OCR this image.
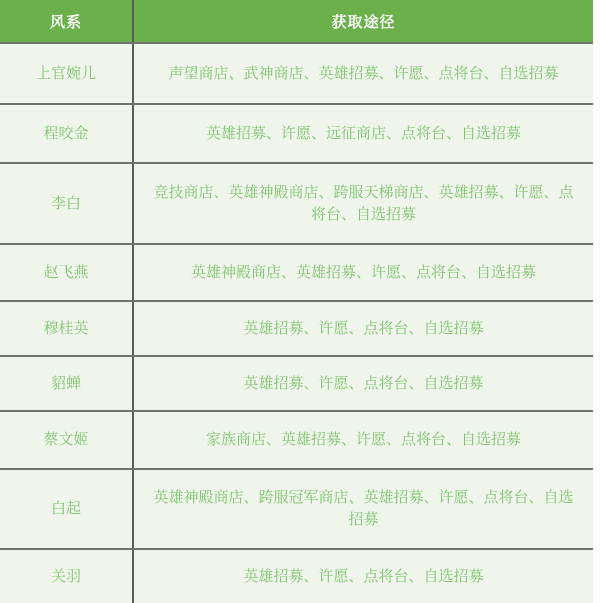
风系	获取途径
上官婉儿	声望商店、武神商店、英雄招募、许愿、点将台、自选招募
程咬金	英雄招募、许愿、远征商店、点将台、自选招募
李白	竞技商店、英雄神殿商店、跨服天梯商店、英雄招募、许愿、点将台、自选招募
赵飞燕	英雄神殿商店、英雄招募、许愿、点将台、自选招募
穆桂英	英雄招募、许愿、点将台、自选招募
貂蝉	英雄招募、许愿、点将台、自选招募
蔡文姬	家族商店、英雄招募、许愿、点将台、自选招募
白起	英雄神殿商店、跨服冠军商店、英雄招募、许愿、点将台、自选招募
关羽	英雄招募、许愿、点将台、自选招募
